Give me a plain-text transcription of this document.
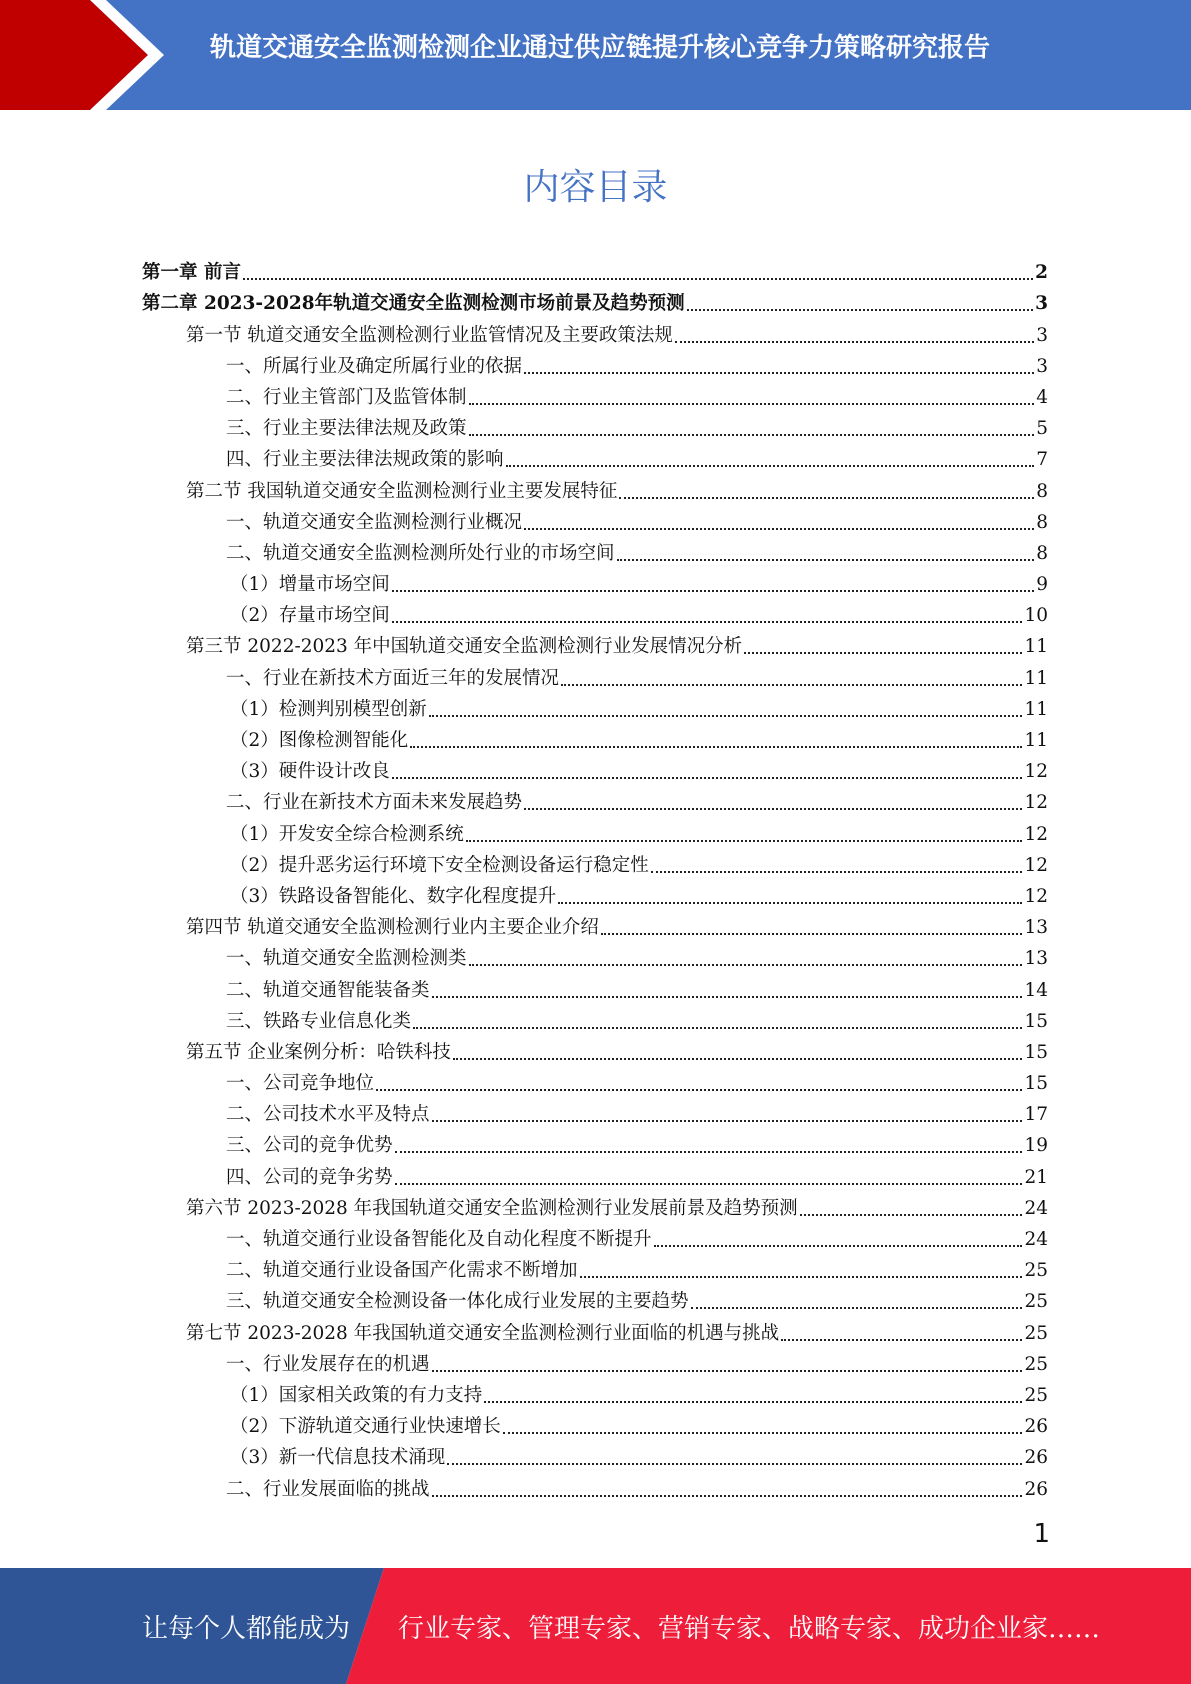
轨道交通安全监测检测企业通过供应链提升核心竞争力策略研究报告
内容目录
第一章 前言	2
第二章 2023-2028年轨道交通安全监测检测市场前景及趋势预测	3
第一节 轨道交通安全监测检测行业监管情况及主要政策法规	3
一、所属行业及确定所属行业的依据	3
二、行业主管部门及监管体制	4
三、行业主要法律法规及政策	5
四、行业主要法律法规政策的影响	7
第二节 我国轨道交通安全监测检测行业主要发展特征	8
一、轨道交通安全监测检测行业概况	8
二、轨道交通安全监测检测所处行业的市场空间	8
（1）增量市场空间	9
（2）存量市场空间	10
第三节 2022-2023 年中国轨道交通安全监测检测行业发展情况分析	11
一、行业在新技术方面近三年的发展情况	11
（1）检测判别模型创新	11
（2）图像检测智能化	11
（3）硬件设计改良	12
二、行业在新技术方面未来发展趋势	12
（1）开发安全综合检测系统	12
（2）提升恶劣运行环境下安全检测设备运行稳定性	12
（3）铁路设备智能化、数字化程度提升	12
第四节 轨道交通安全监测检测行业内主要企业介绍	13
一、轨道交通安全监测检测类	13
二、轨道交通智能装备类	14
三、铁路专业信息化类	15
第五节 企业案例分析：哈铁科技	15
一、公司竞争地位	15
二、公司技术水平及特点	17
三、公司的竞争优势	19
四、公司的竞争劣势	21
第六节 2023-2028 年我国轨道交通安全监测检测行业发展前景及趋势预测	24
一、轨道交通行业设备智能化及自动化程度不断提升	24
二、轨道交通行业设备国产化需求不断增加	25
三、轨道交通安全检测设备一体化成行业发展的主要趋势	25
第七节 2023-2028 年我国轨道交通安全监测检测行业面临的机遇与挑战	25
一、行业发展存在的机遇	25
（1）国家相关政策的有力支持	25
（2）下游轨道交通行业快速增长	26
（3）新一代信息技术涌现	26
二、行业发展面临的挑战	26
1
让每个人都能成为 行业专家、管理专家、营销专家、战略专家、成功企业家……
